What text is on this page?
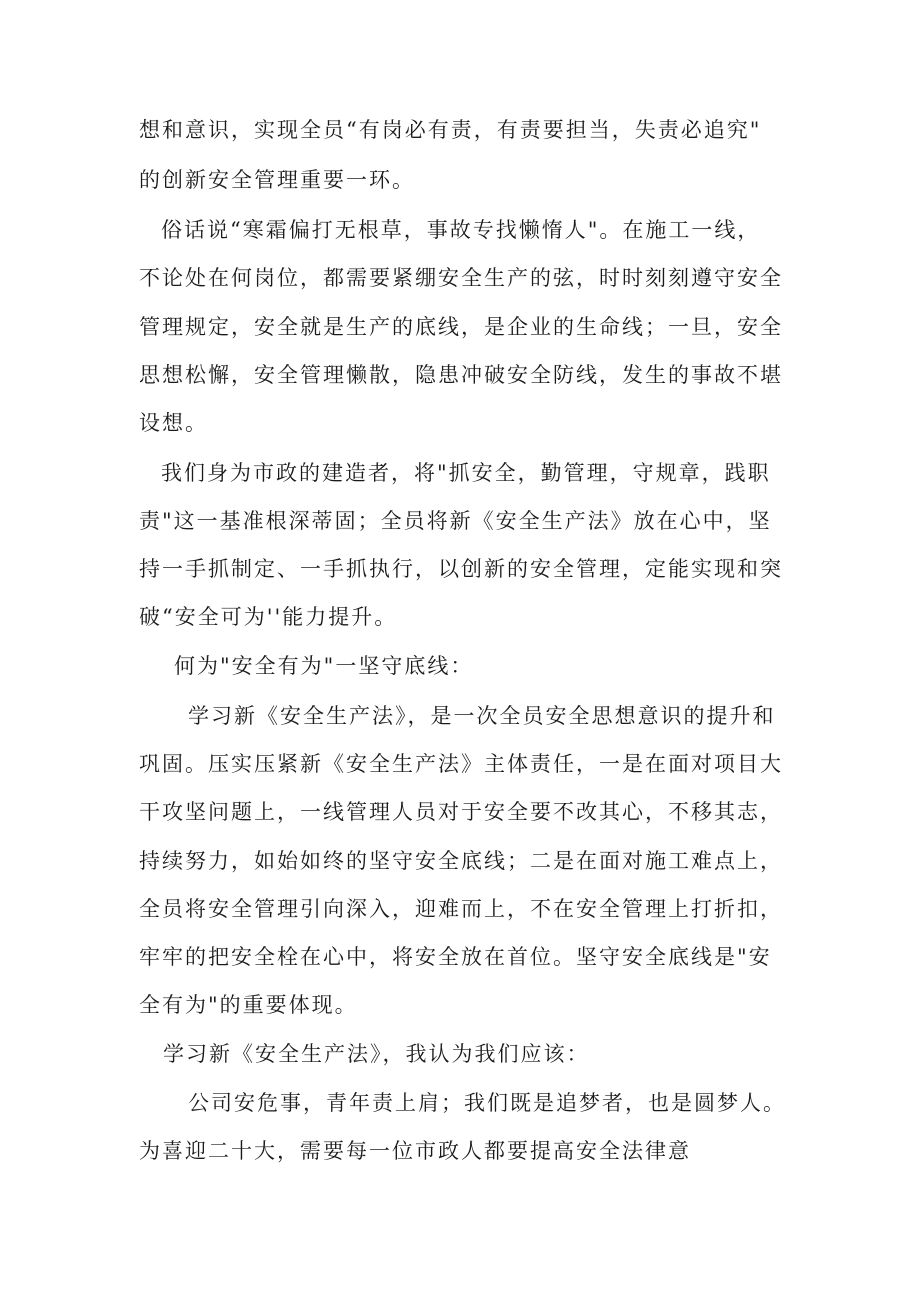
想和意识，实现全员“有岗必有责，有责要担当，失责必追究"

的创新安全管理重要一环。

俗话说“寒霜偏打无根草，事故专找懒惰人"。在施工一线，

不论处在何岗位，都需要紧绷安全生产的弦，时时刻刻遵守安全

管理规定，安全就是生产的底线，是企业的生命线；一旦，安全

思想松懈，安全管理懒散，隐患冲破安全防线，发生的事故不堪

设想。

我们身为市政的建造者，将"抓安全，勤管理，守规章，践职

责"这一基准根深蒂固；全员将新《安全生产法》放在心中，坚

持一手抓制定、一手抓执行，以创新的安全管理，定能实现和突

破“安全可为''能力提升。

何为"安全有为"一坚守底线：

学习新《安全生产法》，是一次全员安全思想意识的提升和

巩固。压实压紧新《安全生产法》主体责任，一是在面对项目大

干攻坚问题上，一线管理人员对于安全要不改其心，不移其志，

持续努力，如始如终的坚守安全底线；二是在面对施工难点上，

全员将安全管理引向深入，迎难而上，不在安全管理上打折扣，

牢牢的把安全栓在心中，将安全放在首位。坚守安全底线是"安

全有为"的重要体现。

学习新《安全生产法》，我认为我们应该：

公司安危事，青年责上肩；我们既是追梦者，也是圆梦人。

为喜迎二十大，需要每一位市政人都要提高安全法律意
